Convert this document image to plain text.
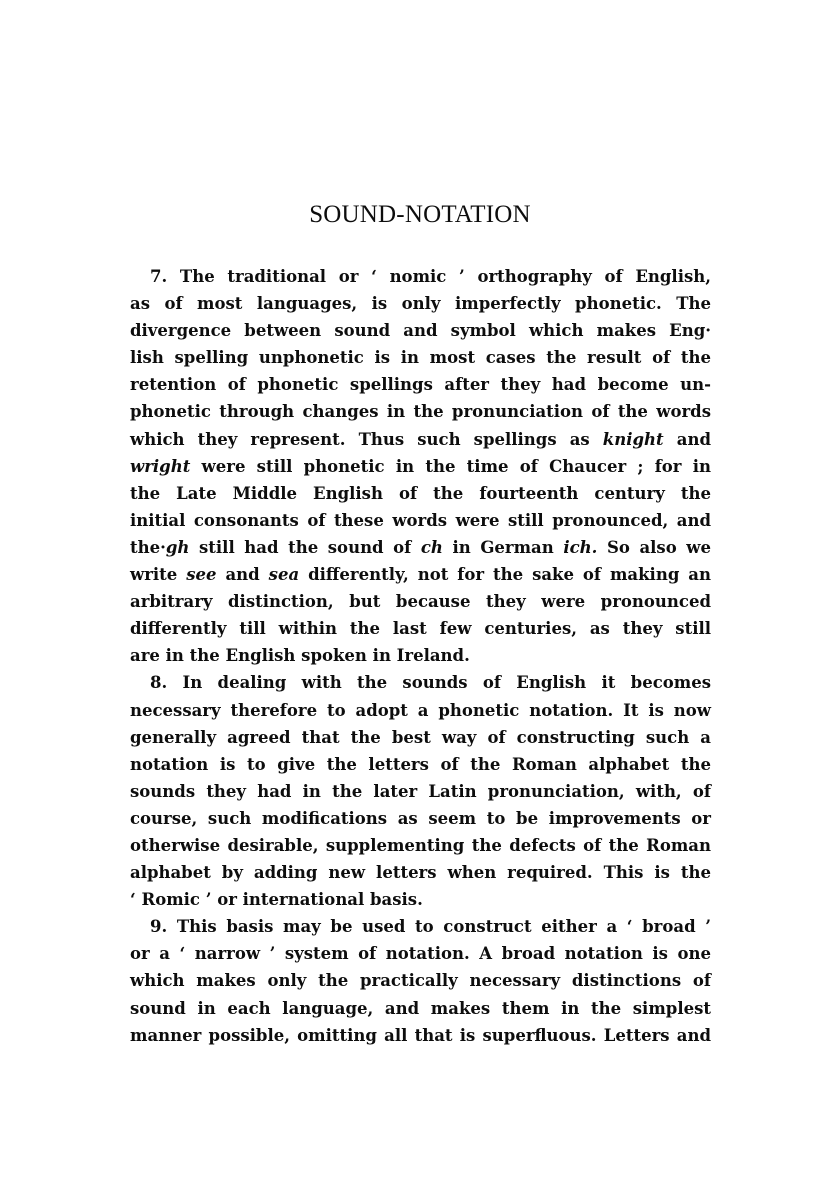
SOUND-NOTATION
7. The traditional or ‘ nomic ’ orthography of English,
as of most languages, is only imperfectly phonetic. The
divergence between sound and symbol which makes Eng·
lish spelling unphonetic is in most cases the result of the
retention of phonetic spellings after they had become un-
phonetic through changes in the pronunciation of the words
which they represent. Thus such spellings as knight and
wright were still phonetic in the time of Chaucer ; for in
the Late Middle English of the fourteenth century the
initial consonants of these words were still pronounced, and
the·gh still had the sound of ch in German ich. So also we
write see and sea differently, not for the sake of making an
arbitrary distinction, but because they were pronounced
differently till within the last few centuries, as they still
are in the English spoken in Ireland.
8. In dealing with the sounds of English it becomes
necessary therefore to adopt a phonetic notation. It is now
generally agreed that the best way of constructing such a
notation is to give the letters of the Roman alphabet the
sounds they had in the later Latin pronunciation, with, of
course, such modifications as seem to be improvements or
otherwise desirable, supplementing the defects of the Roman
alphabet by adding new letters when required. This is the
‘ Romic ’ or international basis.
9. This basis may be used to construct either a ‘ broad ’
or a ‘ narrow ’ system of notation. A broad notation is one
which makes only the practically necessary distinctions of
sound in each language, and makes them in the simplest
manner possible, omitting all that is superfluous. Letters and
